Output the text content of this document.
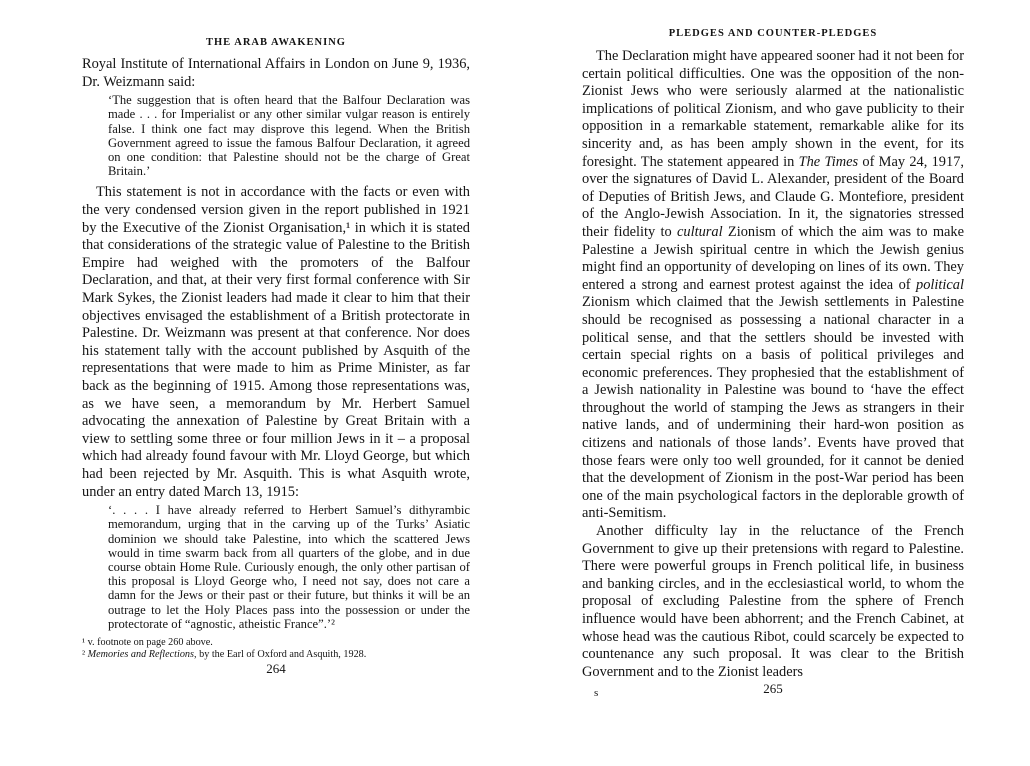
THE ARAB AWAKENING

Royal Institute of International Affairs in London on June 9, 1936, Dr. Weizmann said:

‘The suggestion that is often heard that the Balfour Declaration was made . . . for Imperialist or any other similar vulgar reason is entirely false. I think one fact may disprove this legend. When the British Government agreed to issue the famous Balfour Declaration, it agreed on one condition: that Palestine should not be the charge of Great Britain.’

This statement is not in accordance with the facts or even with the very condensed version given in the report published in 1921 by the Executive of the Zionist Organisation,¹ in which it is stated that considerations of the strategic value of Palestine to the British Empire had weighed with the promoters of the Balfour Declaration, and that, at their very first formal conference with Sir Mark Sykes, the Zionist leaders had made it clear to him that their objectives envisaged the establishment of a British protectorate in Palestine. Dr. Weizmann was present at that conference. Nor does his statement tally with the account published by Asquith of the representations that were made to him as Prime Minister, as far back as the beginning of 1915. Among those representations was, as we have seen, a memorandum by Mr. Herbert Samuel advocating the annexation of Palestine by Great Britain with a view to settling some three or four million Jews in it – a proposal which had already found favour with Mr. Lloyd George, but which had been rejected by Mr. Asquith. This is what Asquith wrote, under an entry dated March 13, 1915:

‘. . . . I have already referred to Herbert Samuel’s dithyrambic memorandum, urging that in the carving up of the Turks’ Asiatic dominion we should take Palestine, into which the scattered Jews would in time swarm back from all quarters of the globe, and in due course obtain Home Rule. Curiously enough, the only other partisan of this proposal is Lloyd George who, I need not say, does not care a damn for the Jews or their past or their future, but thinks it will be an outrage to let the Holy Places pass into the possession or under the protectorate of “agnostic, atheistic France”.’²

¹ v. footnote on page 260 above.

² Memories and Reflections, by the Earl of Oxford and Asquith, 1928.

264

PLEDGES AND COUNTER-PLEDGES

The Declaration might have appeared sooner had it not been for certain political difficulties. One was the opposition of the non-Zionist Jews who were seriously alarmed at the nationalistic implications of political Zionism, and who gave publicity to their opposition in a remarkable statement, remarkable alike for its sincerity and, as has been amply shown in the event, for its foresight. The statement appeared in The Times of May 24, 1917, over the signatures of David L. Alexander, president of the Board of Deputies of British Jews, and Claude G. Montefiore, president of the Anglo-Jewish Association. In it, the signatories stressed their fidelity to cultural Zionism of which the aim was to make Palestine a Jewish spiritual centre in which the Jewish genius might find an opportunity of developing on lines of its own. They entered a strong and earnest protest against the idea of political Zionism which claimed that the Jewish settlements in Palestine should be recognised as possessing a national character in a political sense, and that the settlers should be invested with certain special rights on a basis of political privileges and economic preferences. They prophesied that the establishment of a Jewish nationality in Palestine was bound to ‘have the effect throughout the world of stamping the Jews as strangers in their native lands, and of undermining their hard-won position as citizens and nationals of those lands’. Events have proved that those fears were only too well grounded, for it cannot be denied that the development of Zionism in the post-War period has been one of the main psychological factors in the deplorable growth of anti-Semitism.

Another difficulty lay in the reluctance of the French Government to give up their pretensions with regard to Palestine. There were powerful groups in French political life, in business and banking circles, and in the ecclesiastical world, to whom the proposal of excluding Palestine from the sphere of French influence would have been abhorrent; and the French Cabinet, at whose head was the cautious Ribot, could scarcely be expected to countenance any such proposal. It was clear to the British Government and to the Zionist leaders

s	265
